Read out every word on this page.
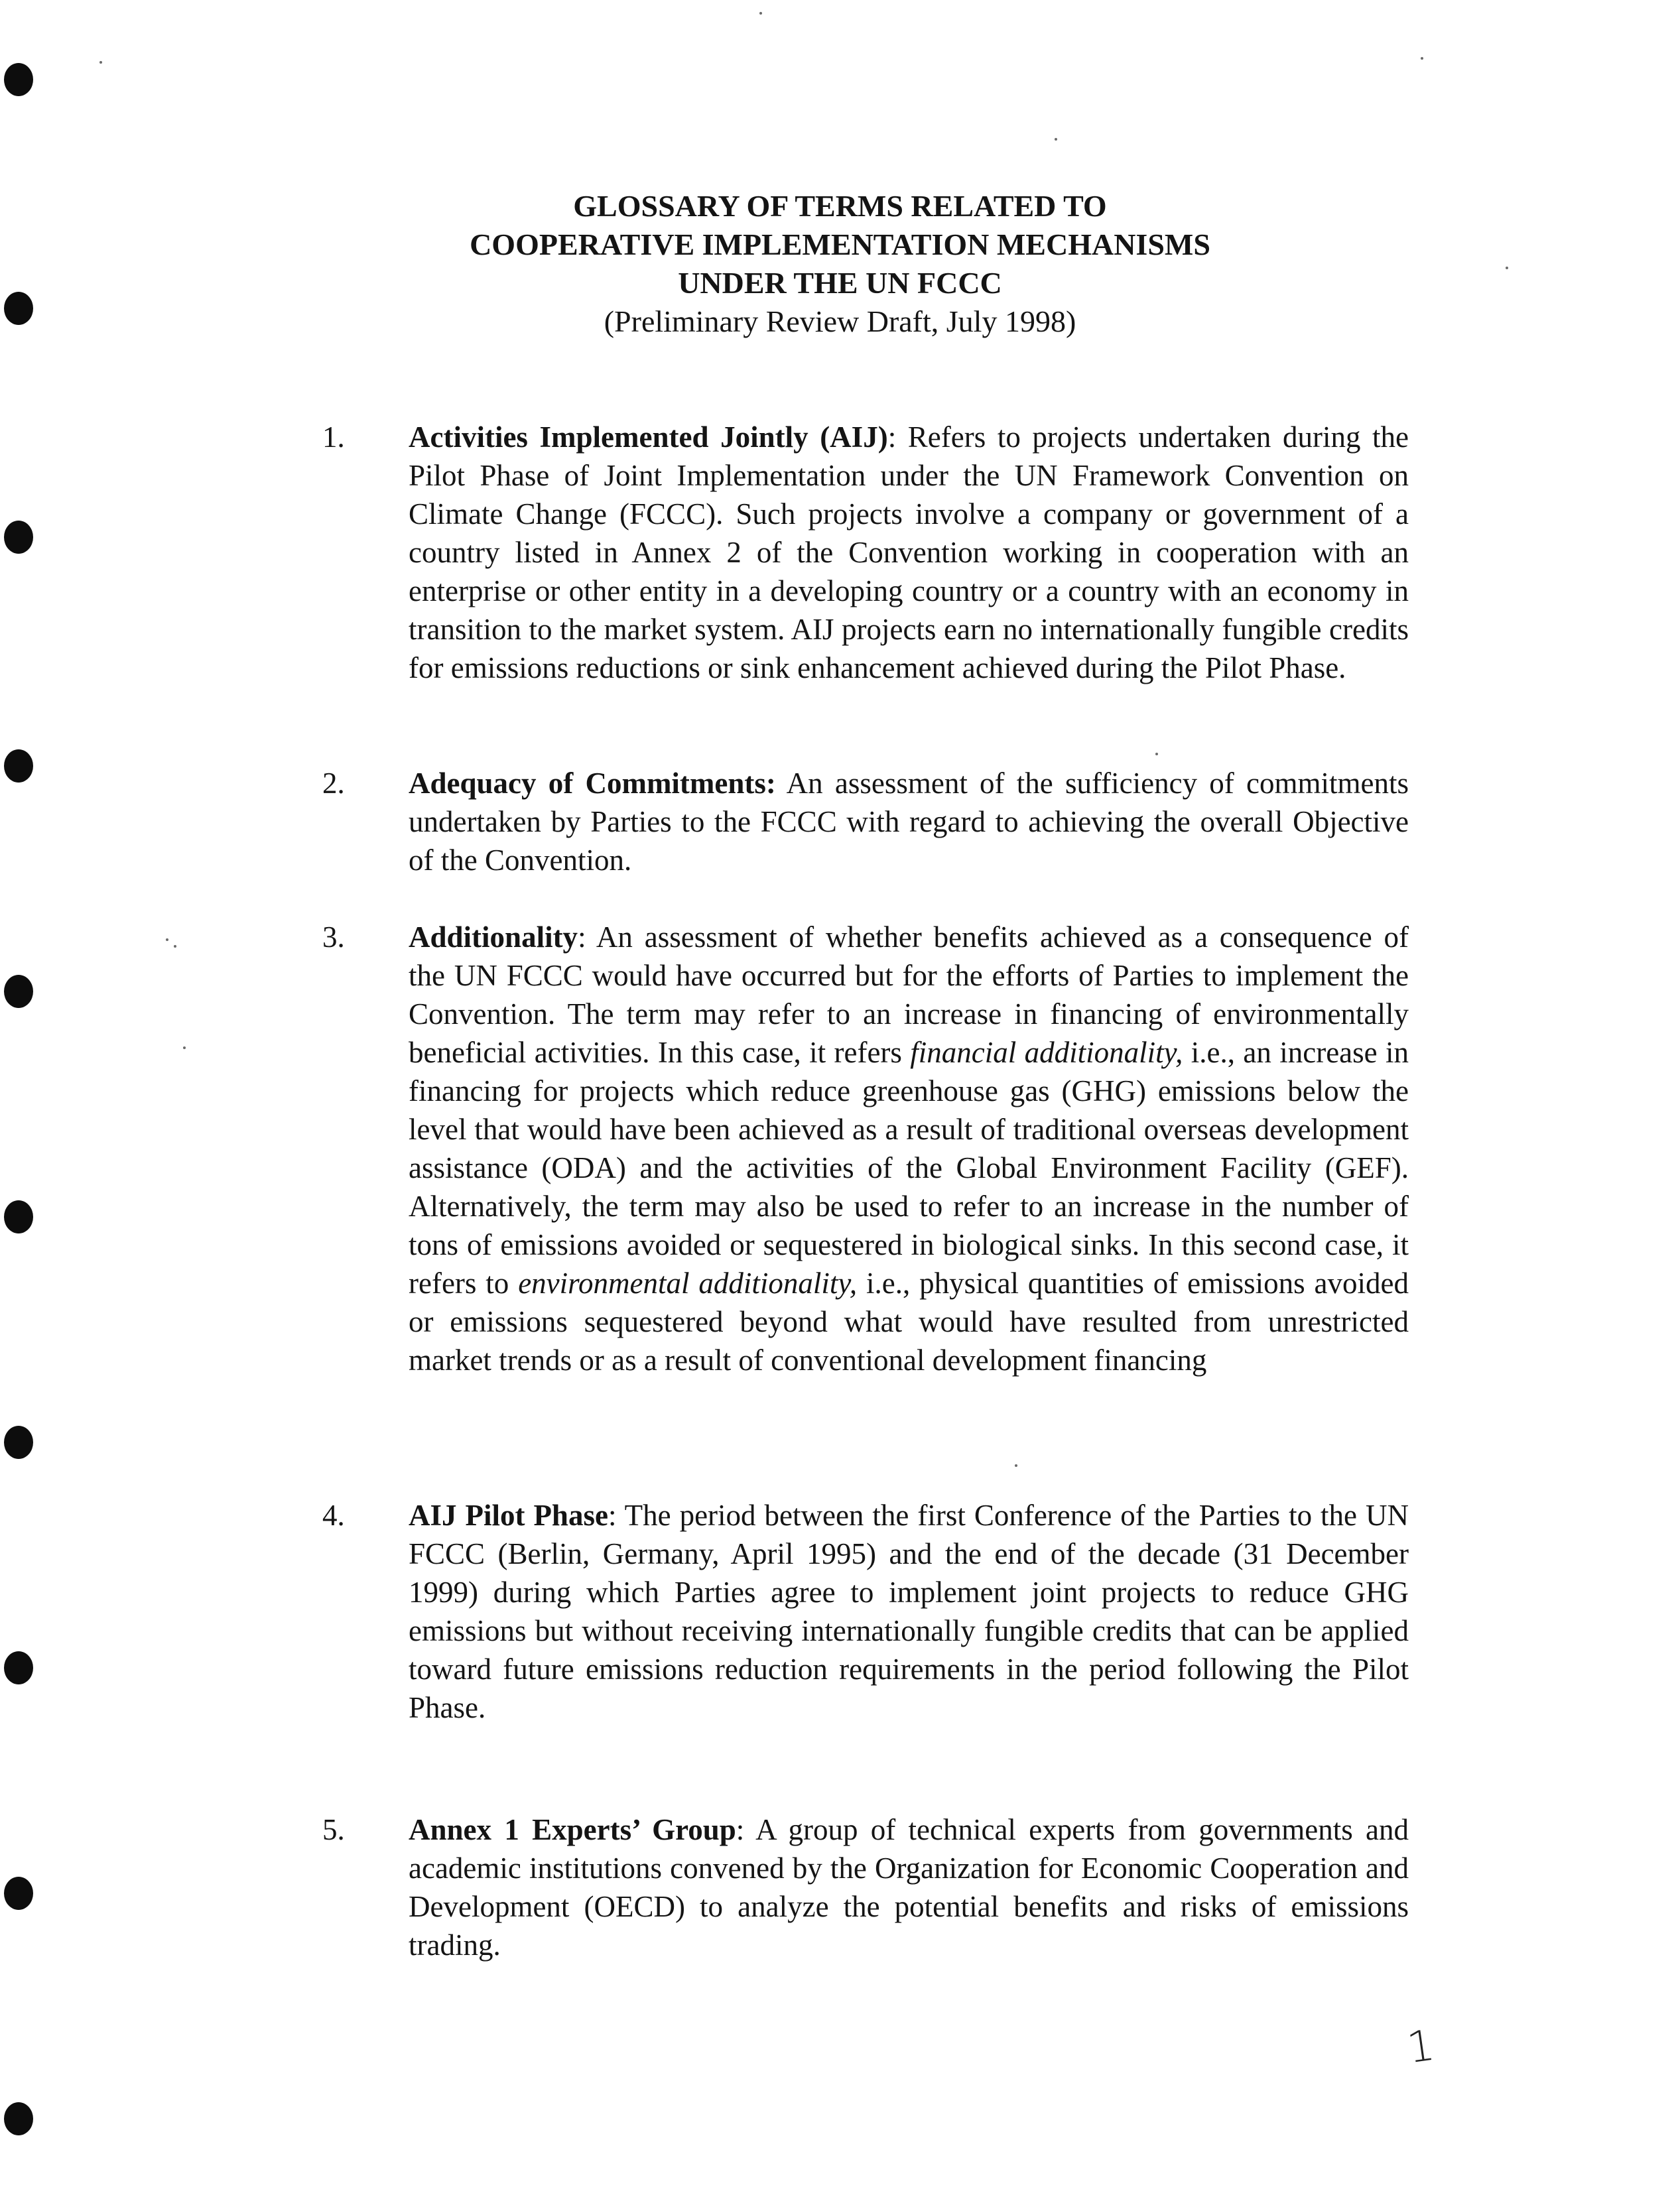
GLOSSARY OF TERMS RELATED TO
COOPERATIVE IMPLEMENTATION MECHANISMS
UNDER THE UN FCCC
(Preliminary Review Draft, July 1998)
1. Activities Implemented Jointly (AIJ): Refers to projects undertaken during the Pilot Phase of Joint Implementation under the UN Framework Convention on Climate Change (FCCC). Such projects involve a company or government of a country listed in Annex 2 of the Convention working in cooperation with an enterprise or other entity in a developing country or a country with an economy in transition to the market system. AIJ projects earn no internationally fungible credits for emissions reductions or sink enhancement achieved during the Pilot Phase.
2. Adequacy of Commitments: An assessment of the sufficiency of commitments undertaken by Parties to the FCCC with regard to achieving the overall Objective of the Convention.
3. Additionality: An assessment of whether benefits achieved as a consequence of the UN FCCC would have occurred but for the efforts of Parties to implement the Convention. The term may refer to an increase in financing of environmentally beneficial activities. In this case, it refers financial additionality, i.e., an increase in financing for projects which reduce greenhouse gas (GHG) emissions below the level that would have been achieved as a result of traditional overseas development assistance (ODA) and the activities of the Global Environment Facility (GEF). Alternatively, the term may also be used to refer to an increase in the number of tons of emissions avoided or sequestered in biological sinks. In this second case, it refers to environmental additionality, i.e., physical quantities of emissions avoided or emissions sequestered beyond what would have resulted from unrestricted market trends or as a result of conventional development financing
4. AIJ Pilot Phase: The period between the first Conference of the Parties to the UN FCCC (Berlin, Germany, April 1995) and the end of the decade (31 December 1999) during which Parties agree to implement joint projects to reduce GHG emissions but without receiving internationally fungible credits that can be applied toward future emissions reduction requirements in the period following the Pilot Phase.
5. Annex 1 Experts’ Group: A group of technical experts from governments and academic institutions convened by the Organization for Economic Cooperation and Development (OECD) to analyze the potential benefits and risks of emissions trading.
1
